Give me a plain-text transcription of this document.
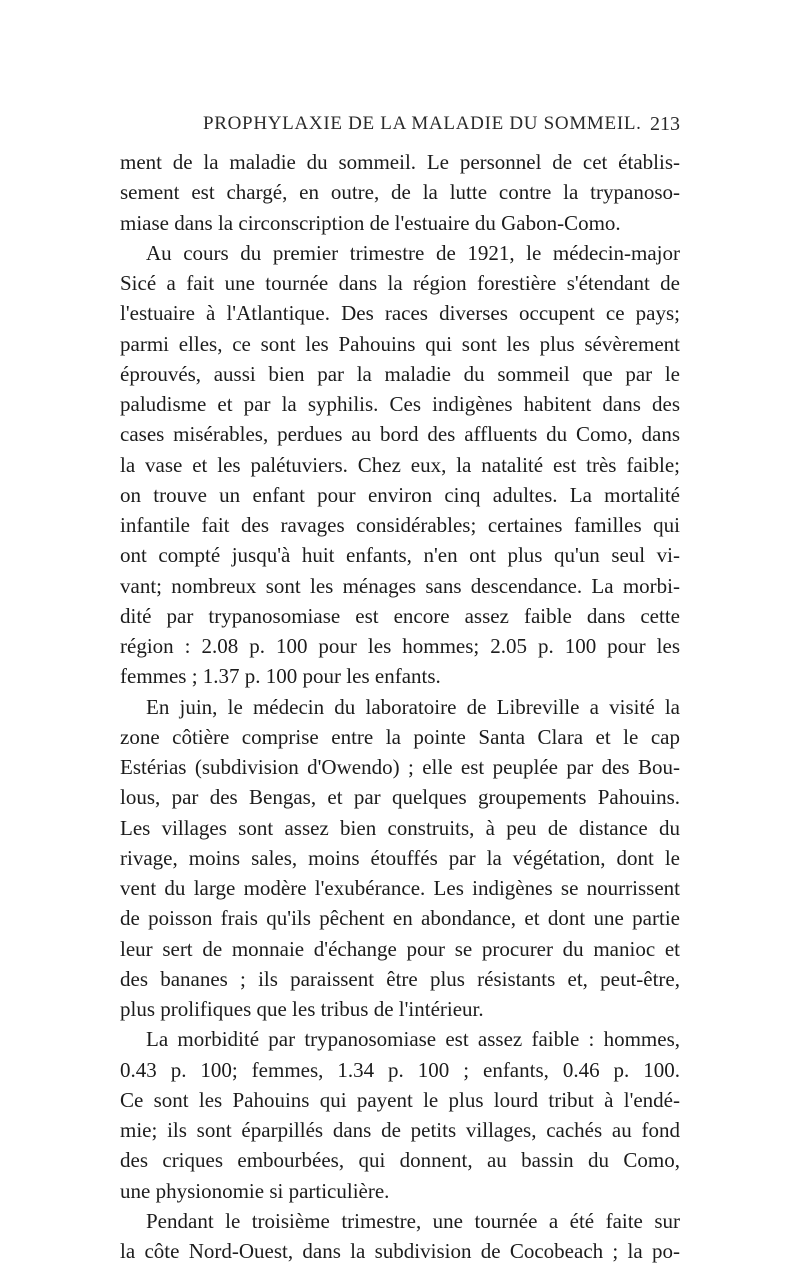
PROPHYLAXIE DE LA MALADIE DU SOMMEIL. 213
ment de la maladie du sommeil. Le personnel de cet établis-
sement est chargé, en outre, de la lutte contre la trypanoso-
miase dans la circonscription de l'estuaire du Gabon-Como.
Au cours du premier trimestre de 1921, le médecin-major
Sicé a fait une tournée dans la région forestière s'étendant de
l'estuaire à l'Atlantique. Des races diverses occupent ce pays;
parmi elles, ce sont les Pahouins qui sont les plus sévèrement
éprouvés, aussi bien par la maladie du sommeil que par le
paludisme et par la syphilis. Ces indigènes habitent dans des
cases misérables, perdues au bord des affluents du Como, dans
la vase et les palétuviers. Chez eux, la natalité est très faible;
on trouve un enfant pour environ cinq adultes. La mortalité
infantile fait des ravages considérables; certaines familles qui
ont compté jusqu'à huit enfants, n'en ont plus qu'un seul vi-
vant; nombreux sont les ménages sans descendance. La morbi-
dité par trypanosomiase est encore assez faible dans cette
région : 2.08 p. 100 pour les hommes; 2.05 p. 100 pour les
femmes ; 1.37 p. 100 pour les enfants.
En juin, le médecin du laboratoire de Libreville a visité la
zone côtière comprise entre la pointe Santa Clara et le cap
Estérias (subdivision d'Owendo) ; elle est peuplée par des Bou-
lous, par des Bengas, et par quelques groupements Pahouins.
Les villages sont assez bien construits, à peu de distance du
rivage, moins sales, moins étouffés par la végétation, dont le
vent du large modère l'exubérance. Les indigènes se nourrissent
de poisson frais qu'ils pêchent en abondance, et dont une partie
leur sert de monnaie d'échange pour se procurer du manioc et
des bananes ; ils paraissent être plus résistants et, peut-être,
plus prolifiques que les tribus de l'intérieur.
La morbidité par trypanosomiase est assez faible : hommes,
0.43 p. 100; femmes, 1.34 p. 100 ; enfants, 0.46 p. 100.
Ce sont les Pahouins qui payent le plus lourd tribut à l'endé-
mie; ils sont éparpillés dans de petits villages, cachés au fond
des criques embourbées, qui donnent, au bassin du Como,
une physionomie si particulière.
Pendant le troisième trimestre, une tournée a été faite sur
la côte Nord-Ouest, dans la subdivision de Cocobeach ; la po-
